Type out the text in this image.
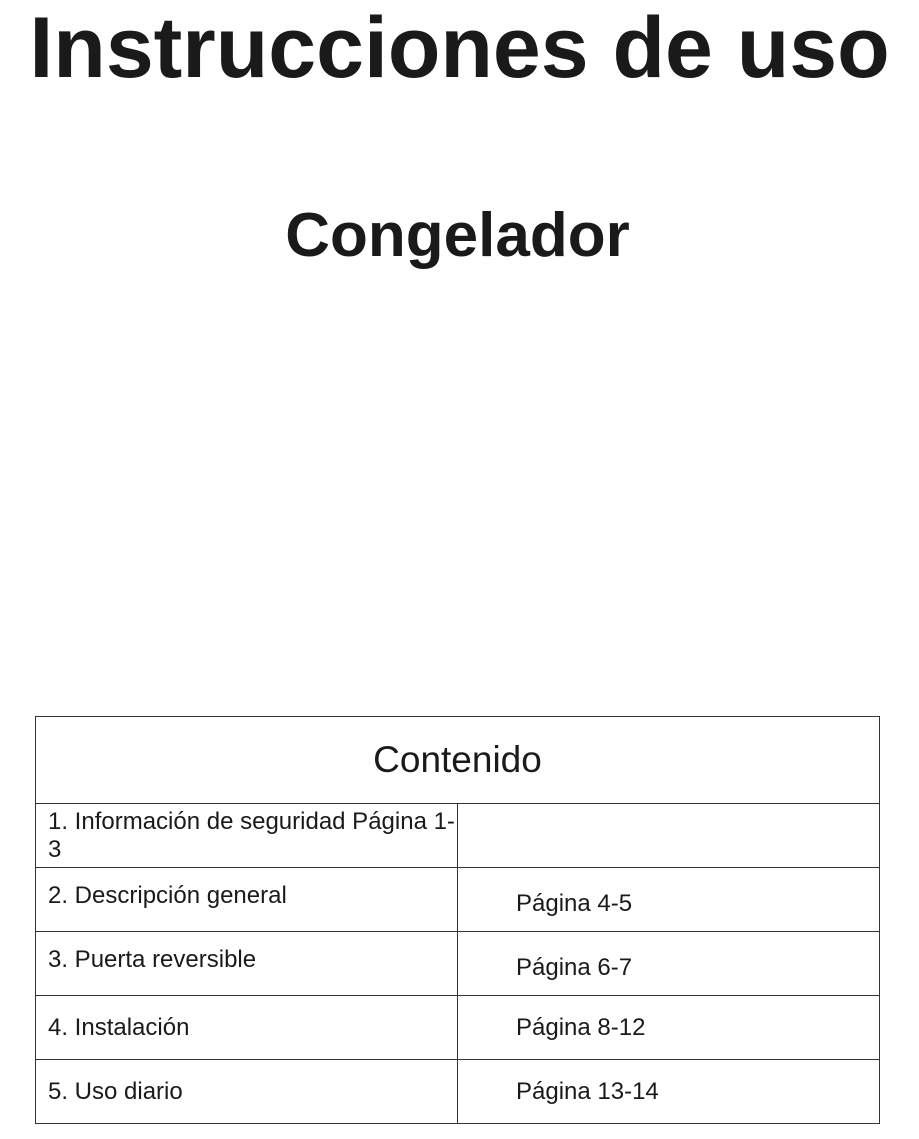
Instrucciones de uso
Congelador
Contenido	
1. Información de seguridad Página 1-3	
2. Descripción general	Página 4-5
3. Puerta reversible	Página 6-7
4. Instalación	Página 8-12
5. Uso diario	Página 13-14
